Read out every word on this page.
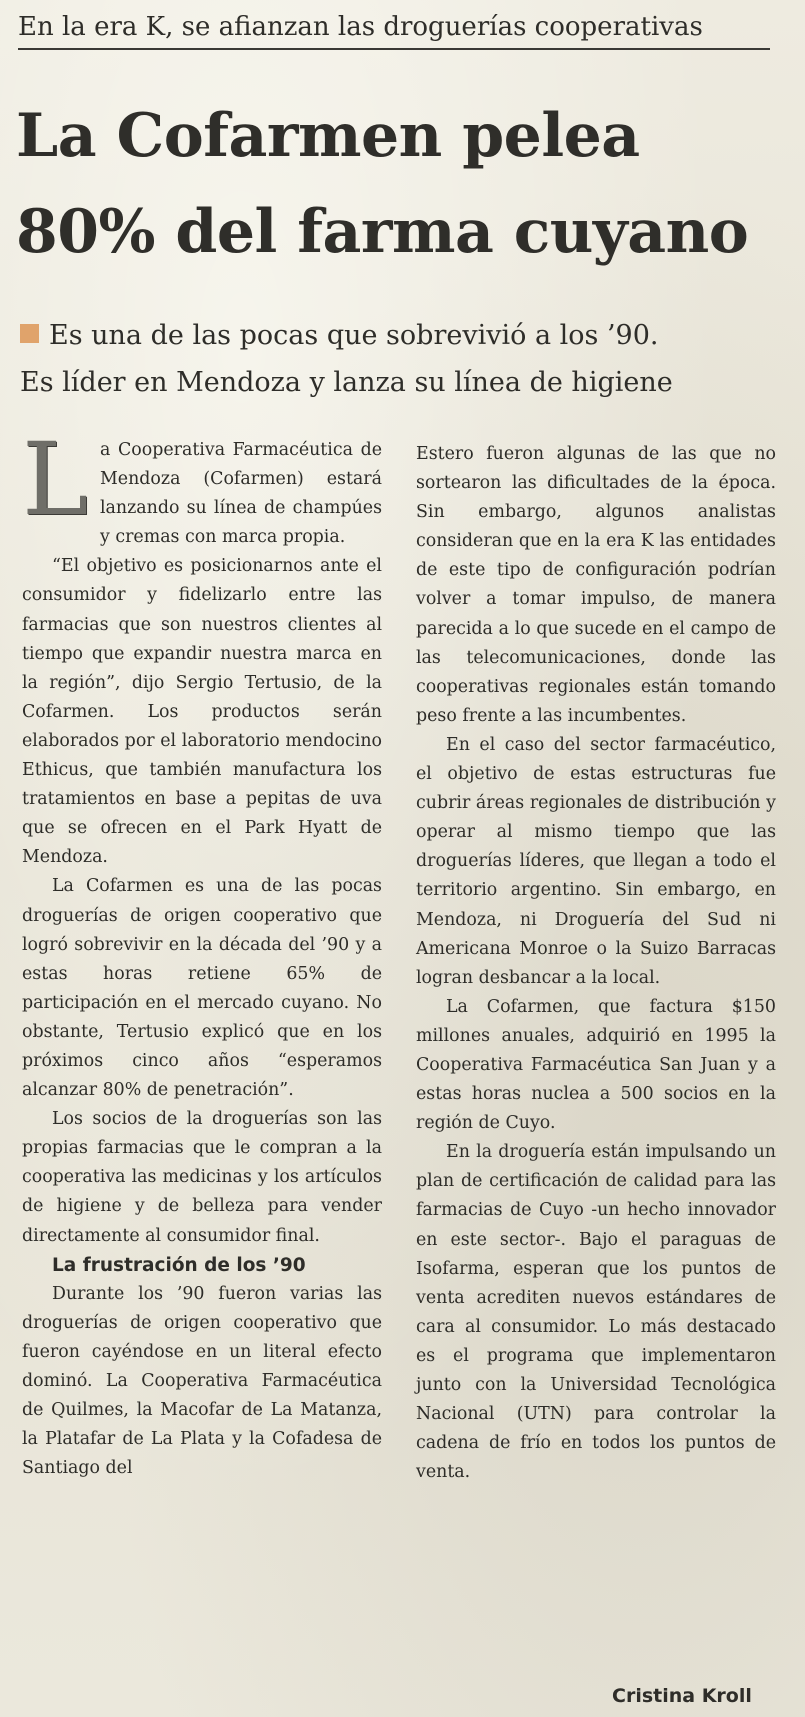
En la era K, se afianzan las droguerías cooperativas
La Cofarmen pelea
80% del farma cuyano
Es una de las pocas que sobrevivió a los ’90.
Es líder en Mendoza y lanza su línea de higiene

La Cooperativa Farmacéutica de Mendoza (Cofarmen) estará lanzando su línea de champúes y cremas con marca propia.

“El objetivo es posicionarnos ante el consumidor y fidelizarlo entre las farmacias que son nuestros clientes al tiempo que expandir nuestra marca en la región”, dijo Sergio Tertusio, de la Cofarmen. Los productos serán elaborados por el laboratorio mendocino Ethicus, que también manufactura los tratamientos en base a pepitas de uva que se ofrecen en el Park Hyatt de Mendoza.

La Cofarmen es una de las pocas droguerías de origen cooperativo que logró sobrevivir en la década del ’90 y a estas horas retiene 65% de participación en el mercado cuyano. No obstante, Tertusio explicó que en los próximos cinco años “esperamos alcanzar 80% de penetración”.

Los socios de la droguerías son las propias farmacias que le compran a la cooperativa las medicinas y los artículos de higiene y de belleza para vender directamente al consumidor final.

La frustración de los ’90

Durante los ’90 fueron varias las droguerías de origen cooperativo que fueron cayéndose en un literal efecto dominó. La Cooperativa Farmacéutica de Quilmes, la Macofar de La Matanza, la Platafar de La Plata y la Cofadesa de Santiago del

Estero fueron algunas de las que no sortearon las dificultades de la época. Sin embargo, algunos analistas consideran que en la era K las entidades de este tipo de configuración podrían volver a tomar impulso, de manera parecida a lo que sucede en el campo de las telecomunicaciones, donde las cooperativas regionales están tomando peso frente a las incumbentes.

En el caso del sector farmacéutico, el objetivo de estas estructuras fue cubrir áreas regionales de distribución y operar al mismo tiempo que las droguerías líderes, que llegan a todo el territorio argentino. Sin embargo, en Mendoza, ni Droguería del Sud ni Americana Monroe o la Suizo Barracas logran desbancar a la local.

La Cofarmen, que factura $150 millones anuales, adquirió en 1995 la Cooperativa Farmacéutica San Juan y a estas horas nuclea a 500 socios en la región de Cuyo.

En la droguería están impulsando un plan de certificación de calidad para las farmacias de Cuyo -un hecho innovador en este sector-. Bajo el paraguas de Isofarma, esperan que los puntos de venta acrediten nuevos estándares de cara al consumidor. Lo más destacado es el programa que implementaron junto con la Universidad Tecnológica Nacional (UTN) para controlar la cadena de frío en todos los puntos de venta.

Cristina Kroll
